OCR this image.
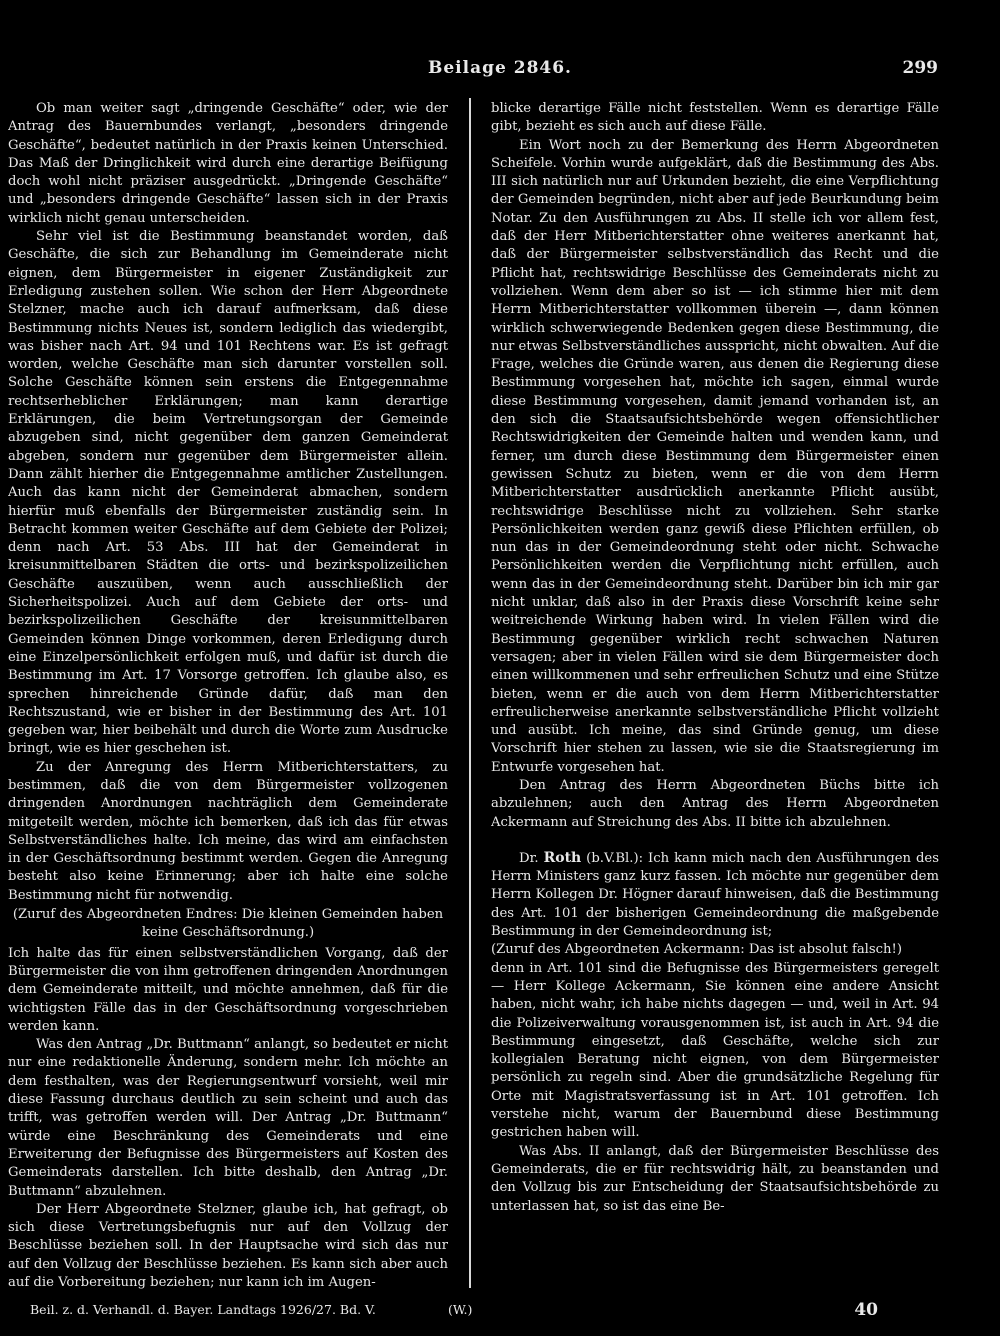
Beilage 2846.	299

Ob man weiter sagt „dringende Geschäfte“ oder, wie der Antrag des Bauernbundes verlangt, „besonders dringende Geschäfte“, bedeutet natürlich in der Praxis keinen Unterschied. Das Maß der Dringlichkeit wird durch eine derartige Beifügung doch wohl nicht präziser ausgedrückt. „Dringende Geschäfte“ und „besonders dringende Geschäfte“ lassen sich in der Praxis wirklich nicht genau unterscheiden.

Sehr viel ist die Bestimmung beanstandet worden, daß Geschäfte, die sich zur Behandlung im Gemeinderate nicht eignen, dem Bürgermeister in eigener Zuständigkeit zur Erledigung zustehen sollen. Wie schon der Herr Abgeordnete Stelzner, mache auch ich darauf aufmerksam, daß diese Bestimmung nichts Neues ist, sondern lediglich das wiedergibt, was bisher nach Art. 94 und 101 Rechtens war. Es ist gefragt worden, welche Geschäfte man sich darunter vorstellen soll. Solche Geschäfte können sein erstens die Entgegennahme rechtserheblicher Erklärungen; man kann derartige Erklärungen, die beim Vertretungsorgan der Gemeinde abzugeben sind, nicht gegenüber dem ganzen Gemeinderat abgeben, sondern nur gegenüber dem Bürgermeister allein. Dann zählt hierher die Entgegennahme amtlicher Zustellungen. Auch das kann nicht der Gemeinderat abmachen, sondern hierfür muß ebenfalls der Bürgermeister zuständig sein. In Betracht kommen weiter Geschäfte auf dem Gebiete der Polizei; denn nach Art. 53 Abs. III hat der Gemeinderat in kreisunmittelbaren Städten die orts- und bezirkspolizeilichen Geschäfte auszuüben, wenn auch ausschließlich der Sicherheitspolizei. Auch auf dem Gebiete der orts- und bezirkspolizeilichen Geschäfte der kreisunmittelbaren Gemeinden können Dinge vorkommen, deren Erledigung durch eine Einzelpersönlichkeit erfolgen muß, und dafür ist durch die Bestimmung im Art. 17 Vorsorge getroffen. Ich glaube also, es sprechen hinreichende Gründe dafür, daß man den Rechtszustand, wie er bisher in der Bestimmung des Art. 101 gegeben war, hier beibehält und durch die Worte zum Ausdrucke bringt, wie es hier geschehen ist.

Zu der Anregung des Herrn Mitberichterstatters, zu bestimmen, daß die von dem Bürgermeister vollzogenen dringenden Anordnungen nachträglich dem Gemeinderate mitgeteilt werden, möchte ich bemerken, daß ich das für etwas Selbstverständliches halte. Ich meine, das wird am einfachsten in der Geschäftsordnung bestimmt werden. Gegen die Anregung besteht also keine Erinnerung; aber ich halte eine solche Bestimmung nicht für notwendig.

(Zuruf des Abgeordneten Endres: Die kleinen Gemeinden haben keine Geschäftsordnung.)

Ich halte das für einen selbstverständlichen Vorgang, daß der Bürgermeister die von ihm getroffenen dringenden Anordnungen dem Gemeinderate mitteilt, und möchte annehmen, daß für die wichtigsten Fälle das in der Geschäftsordnung vorgeschrieben werden kann.

Was den Antrag „Dr. Buttmann“ anlangt, so bedeutet er nicht nur eine redaktionelle Änderung, sondern mehr. Ich möchte an dem festhalten, was der Regierungsentwurf vorsieht, weil mir diese Fassung durchaus deutlich zu sein scheint und auch das trifft, was getroffen werden will. Der Antrag „Dr. Buttmann“ würde eine Beschränkung des Gemeinderats und eine Erweiterung der Befugnisse des Bürgermeisters auf Kosten des Gemeinderats darstellen. Ich bitte deshalb, den Antrag „Dr. Buttmann“ abzulehnen.

Der Herr Abgeordnete Stelzner, glaube ich, hat gefragt, ob sich diese Vertretungsbefugnis nur auf den Vollzug der Beschlüsse beziehen soll. In der Hauptsache wird sich das nur auf den Vollzug der Beschlüsse beziehen. Es kann sich aber auch auf die Vorbereitung beziehen; nur kann ich im Augen-

blicke derartige Fälle nicht feststellen. Wenn es derartige Fälle gibt, bezieht es sich auch auf diese Fälle.

Ein Wort noch zu der Bemerkung des Herrn Abgeordneten Scheifele. Vorhin wurde aufgeklärt, daß die Bestimmung des Abs. III sich natürlich nur auf Urkunden bezieht, die eine Verpflichtung der Gemeinden begründen, nicht aber auf jede Beurkundung beim Notar. Zu den Ausführungen zu Abs. II stelle ich vor allem fest, daß der Herr Mitberichterstatter ohne weiteres anerkannt hat, daß der Bürgermeister selbstverständlich das Recht und die Pflicht hat, rechtswidrige Beschlüsse des Gemeinderats nicht zu vollziehen. Wenn dem aber so ist — ich stimme hier mit dem Herrn Mitberichterstatter vollkommen überein —, dann können wirklich schwerwiegende Bedenken gegen diese Bestimmung, die nur etwas Selbstverständliches ausspricht, nicht obwalten. Auf die Frage, welches die Gründe waren, aus denen die Regierung diese Bestimmung vorgesehen hat, möchte ich sagen, einmal wurde diese Bestimmung vorgesehen, damit jemand vorhanden ist, an den sich die Staatsaufsichtsbehörde wegen offensichtlicher Rechtswidrigkeiten der Gemeinde halten und wenden kann, und ferner, um durch diese Bestimmung dem Bürgermeister einen gewissen Schutz zu bieten, wenn er die von dem Herrn Mitberichterstatter ausdrücklich anerkannte Pflicht ausübt, rechtswidrige Beschlüsse nicht zu vollziehen. Sehr starke Persönlichkeiten werden ganz gewiß diese Pflichten erfüllen, ob nun das in der Gemeindeordnung steht oder nicht. Schwache Persönlichkeiten werden die Verpflichtung nicht erfüllen, auch wenn das in der Gemeindeordnung steht. Darüber bin ich mir gar nicht unklar, daß also in der Praxis diese Vorschrift keine sehr weitreichende Wirkung haben wird. In vielen Fällen wird die Bestimmung gegenüber wirklich recht schwachen Naturen versagen; aber in vielen Fällen wird sie dem Bürgermeister doch einen willkommenen und sehr erfreulichen Schutz und eine Stütze bieten, wenn er die auch von dem Herrn Mitberichterstatter erfreulicherweise anerkannte selbstverständliche Pflicht vollzieht und ausübt. Ich meine, das sind Gründe genug, um diese Vorschrift hier stehen zu lassen, wie sie die Staatsregierung im Entwurfe vorgesehen hat.

Den Antrag des Herrn Abgeordneten Büchs bitte ich abzulehnen; auch den Antrag des Herrn Abgeordneten Ackermann auf Streichung des Abs. II bitte ich abzulehnen.

Dr. Roth (b.V.Bl.): Ich kann mich nach den Ausführungen des Herrn Ministers ganz kurz fassen. Ich möchte nur gegenüber dem Herrn Kollegen Dr. Högner darauf hinweisen, daß die Bestimmung des Art. 101 der bisherigen Gemeindeordnung die maßgebende Bestimmung in der Gemeindeordnung ist;

(Zuruf des Abgeordneten Ackermann: Das ist absolut falsch!)

denn in Art. 101 sind die Befugnisse des Bürgermeisters geregelt — Herr Kollege Ackermann, Sie können eine andere Ansicht haben, nicht wahr, ich habe nichts dagegen — und, weil in Art. 94 die Polizeiverwaltung vorausgenommen ist, ist auch in Art. 94 die Bestimmung eingesetzt, daß Geschäfte, welche sich zur kollegialen Beratung nicht eignen, von dem Bürgermeister persönlich zu regeln sind. Aber die grundsätzliche Regelung für Orte mit Magistratsverfassung ist in Art. 101 getroffen. Ich verstehe nicht, warum der Bauernbund diese Bestimmung gestrichen haben will.

Was Abs. II anlangt, daß der Bürgermeister Beschlüsse des Gemeinderats, die er für rechtswidrig hält, zu beanstanden und den Vollzug bis zur Entscheidung der Staatsaufsichtsbehörde zu unterlassen hat, so ist das eine Be-

Beil. z. d. Verhandl. d. Bayer. Landtags 1926/27. Bd. V.	(W.)	40
